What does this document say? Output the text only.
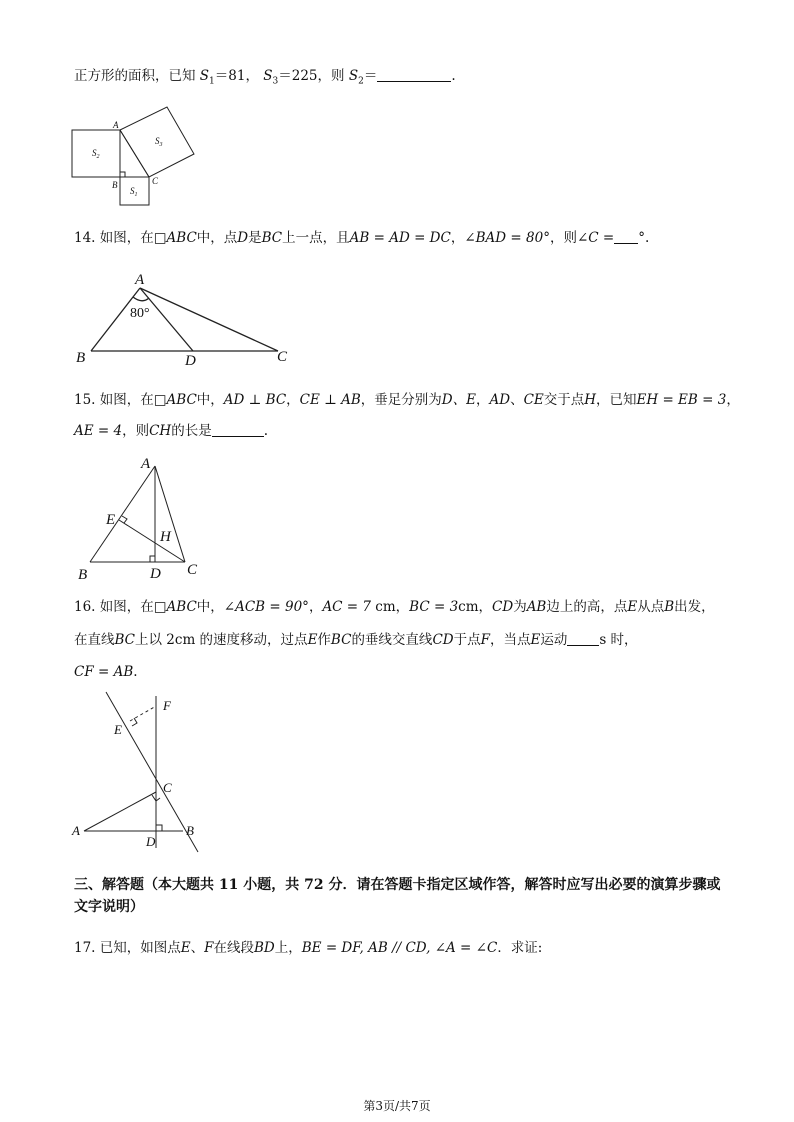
正方形的面积，已知 $S_1=81$， $S_3=225$，则 $S_2=$	.
A
B	C
$S_2$
$S_1$
$S_3$
14. 如图，在□ABC中，点D是BC上一点，且AB = AD = DC，∠BAD = 80°，则∠C = °.
A
B	D	C
80°
15. 如图，在□ABC中，AD ⊥ BC，CE ⊥ AB，垂足分别为D、E，AD、CE交于点H，已知EH = EB = 3，
AE = 4，则CH的长是	.
A
E
H
B	D C
16. 如图，在□ABC中，∠ACB = 90°，AC = 7 cm，BC = 3cm，CD为AB边上的高，点E从点B出发，
在直线BC上以 2cm 的速度移动，过点E作BC的垂线交直线CD于点F，当点E运动 s 时，
CF = AB.
F
E
C
A	B
D
三、解答题（本大题共 11 小题，共 72 分．请在答题卡指定区域作答，解答时应写出必要的演算步骤或文字说明）
17. 已知，如图点E、F在线段BD上，BE = DF, AB // CD, ∠A = ∠C．求证:
第3页/共7页
